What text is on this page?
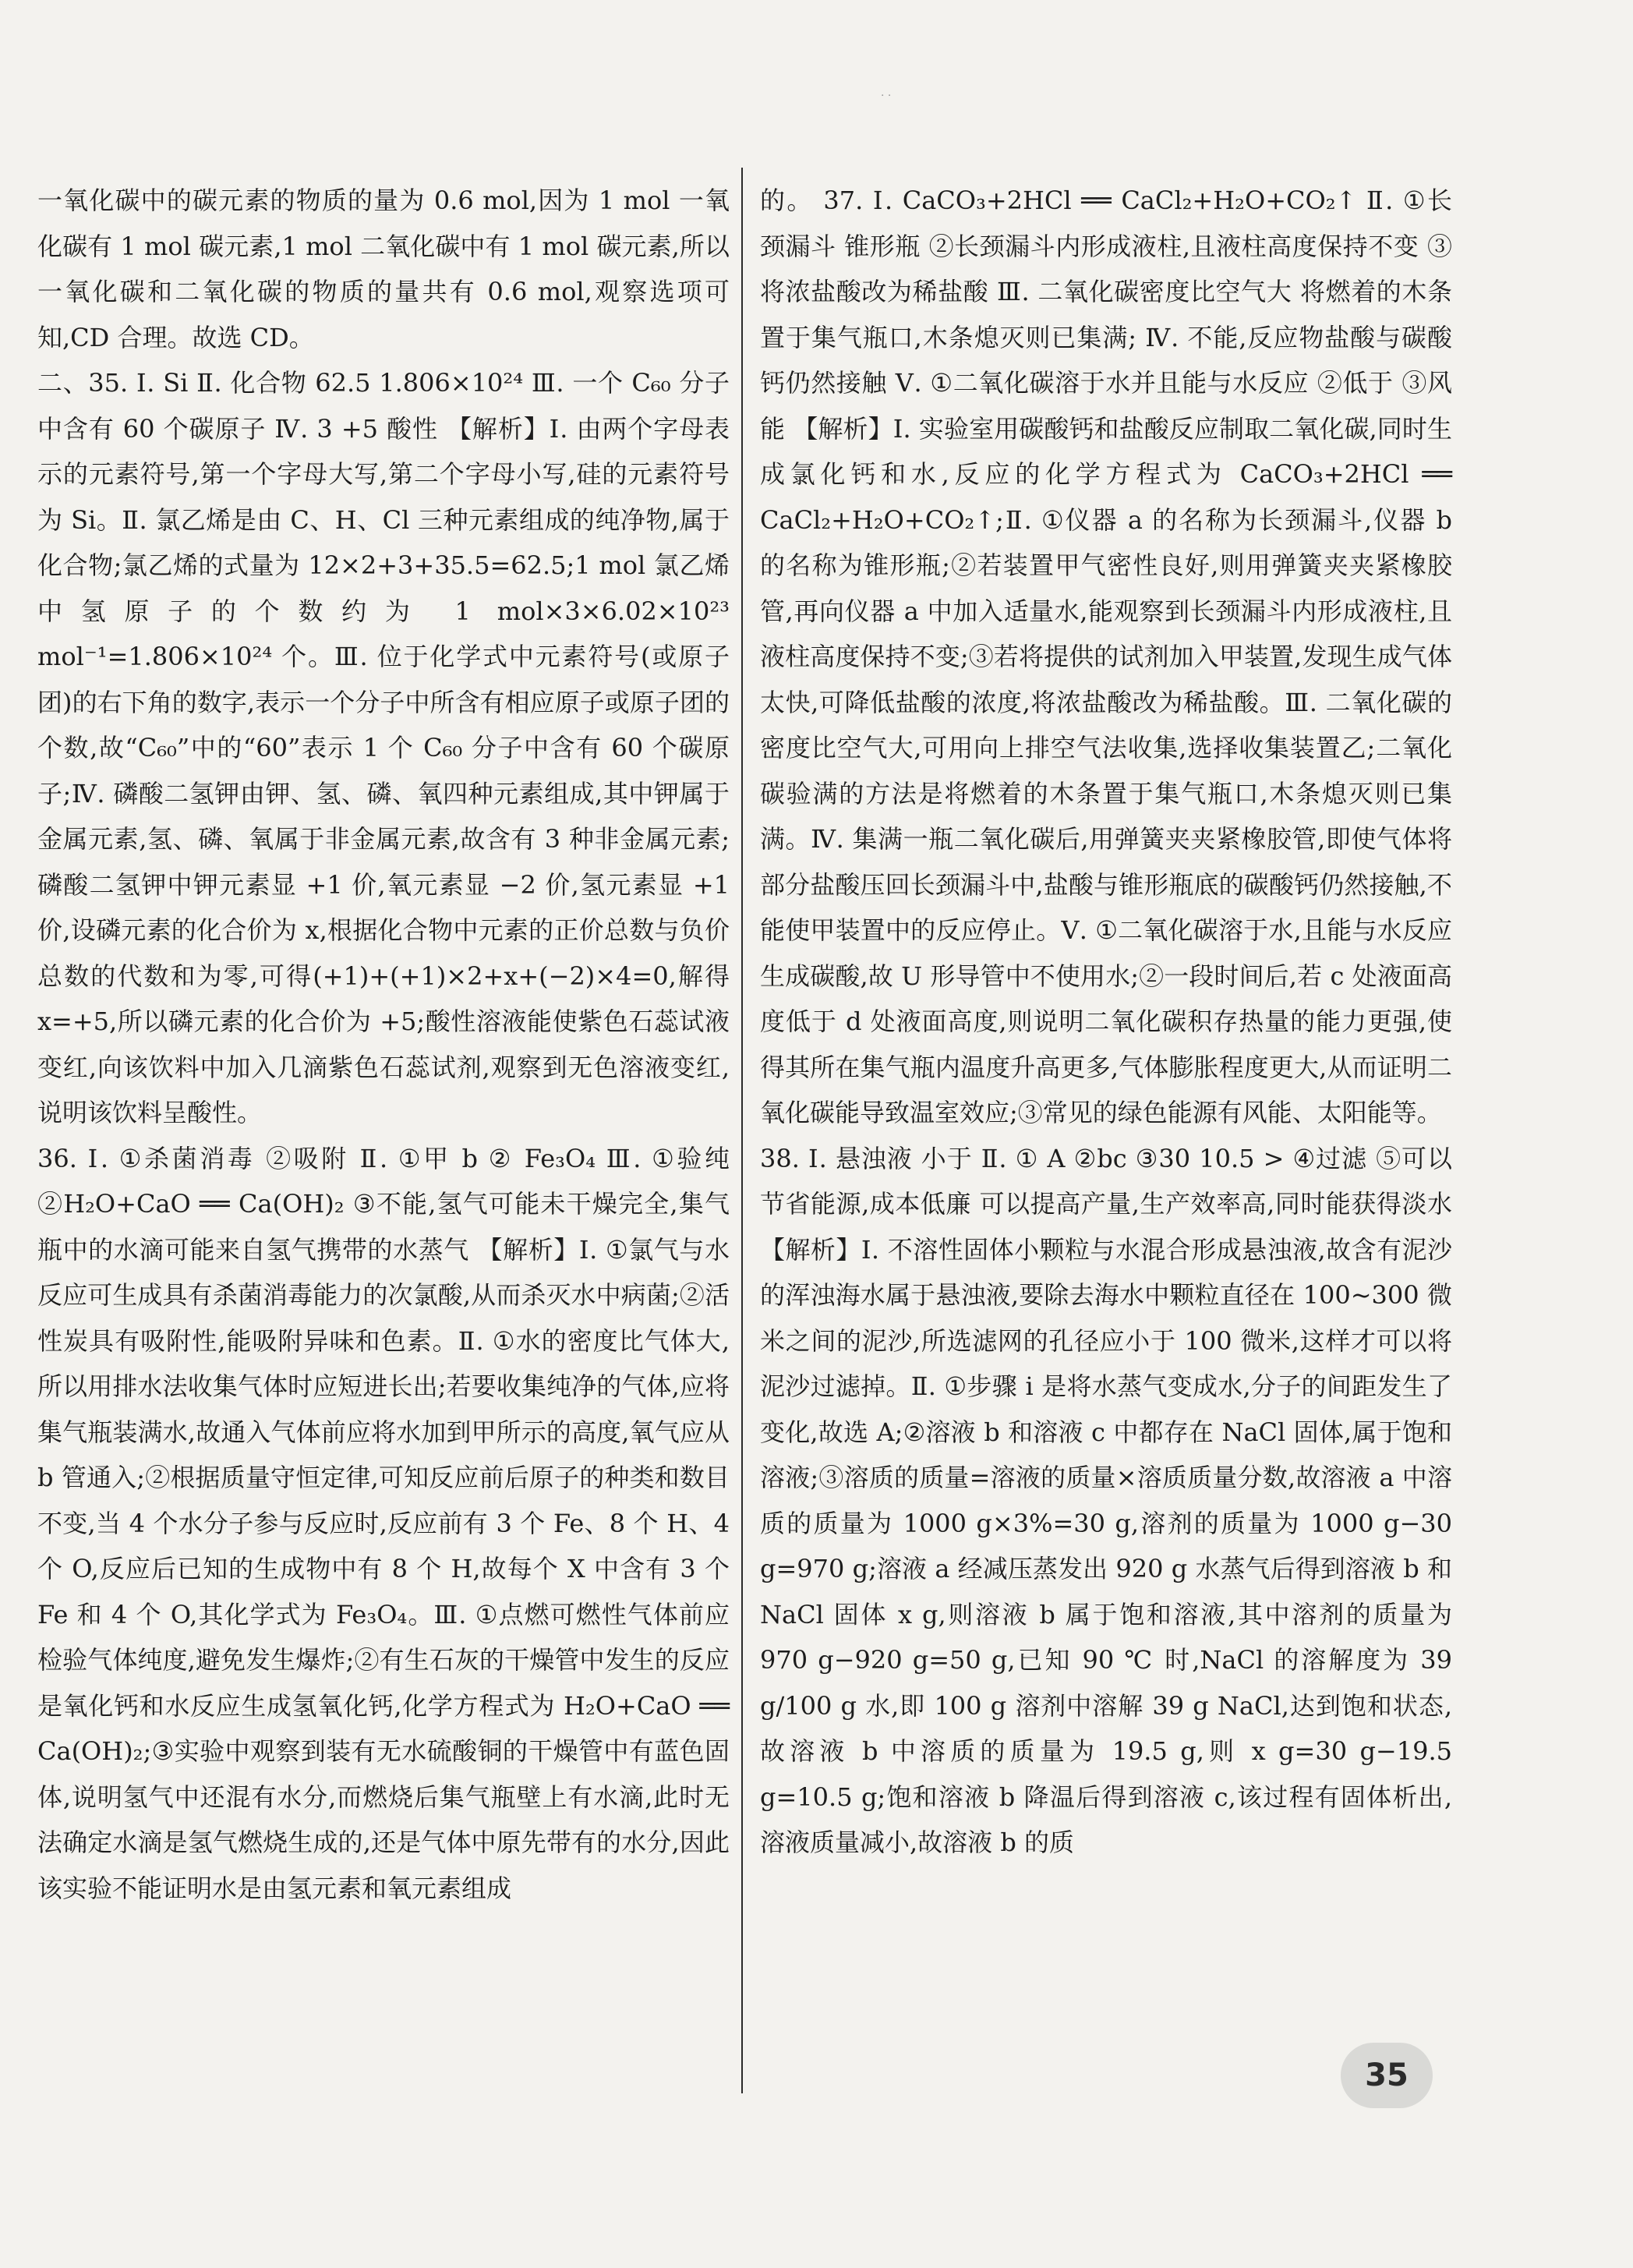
· ·

一氧化碳中的碳元素的物质的量为 0.6 mol,因为 1 mol 一氧化碳有 1 mol 碳元素,1 mol 二氧化碳中有 1 mol 碳元素,所以一氧化碳和二氧化碳的物质的量共有 0.6 mol,观察选项可知,CD 合理。故选 CD。

二、35. Ⅰ. Si Ⅱ. 化合物 62.5 1.806×10²⁴ Ⅲ. 一个 C₆₀ 分子中含有 60 个碳原子 Ⅳ. 3 +5 酸性 【解析】Ⅰ. 由两个字母表示的元素符号,第一个字母大写,第二个字母小写,硅的元素符号为 Si。Ⅱ. 氯乙烯是由 C、H、Cl 三种元素组成的纯净物,属于化合物;氯乙烯的式量为 12×2+3+35.5=62.5;1 mol 氯乙烯中氢原子的个数约为 1 mol×3×6.02×10²³ mol⁻¹=1.806×10²⁴ 个。Ⅲ. 位于化学式中元素符号(或原子团)的右下角的数字,表示一个分子中所含有相应原子或原子团的个数,故“C₆₀”中的“60”表示 1 个 C₆₀ 分子中含有 60 个碳原子;Ⅳ. 磷酸二氢钾由钾、氢、磷、氧四种元素组成,其中钾属于金属元素,氢、磷、氧属于非金属元素,故含有 3 种非金属元素;磷酸二氢钾中钾元素显 +1 价,氧元素显 −2 价,氢元素显 +1 价,设磷元素的化合价为 x,根据化合物中元素的正价总数与负价总数的代数和为零,可得(+1)+(+1)×2+x+(−2)×4=0,解得 x=+5,所以磷元素的化合价为 +5;酸性溶液能使紫色石蕊试液变红,向该饮料中加入几滴紫色石蕊试剂,观察到无色溶液变红,说明该饮料呈酸性。

36. Ⅰ. ①杀菌消毒 ②吸附 Ⅱ. ①甲 b ② Fe₃O₄ Ⅲ. ①验纯 ②H₂O+CaO ══ Ca(OH)₂ ③不能,氢气可能未干燥完全,集气瓶中的水滴可能来自氢气携带的水蒸气 【解析】Ⅰ. ①氯气与水反应可生成具有杀菌消毒能力的次氯酸,从而杀灭水中病菌;②活性炭具有吸附性,能吸附异味和色素。Ⅱ. ①水的密度比气体大,所以用排水法收集气体时应短进长出;若要收集纯净的气体,应将集气瓶装满水,故通入气体前应将水加到甲所示的高度,氧气应从 b 管通入;②根据质量守恒定律,可知反应前后原子的种类和数目不变,当 4 个水分子参与反应时,反应前有 3 个 Fe、8 个 H、4 个 O,反应后已知的生成物中有 8 个 H,故每个 X 中含有 3 个 Fe 和 4 个 O,其化学式为 Fe₃O₄。Ⅲ. ①点燃可燃性气体前应检验气体纯度,避免发生爆炸;②有生石灰的干燥管中发生的反应是氧化钙和水反应生成氢氧化钙,化学方程式为 H₂O+CaO ══ Ca(OH)₂;③实验中观察到装有无水硫酸铜的干燥管中有蓝色固体,说明氢气中还混有水分,而燃烧后集气瓶壁上有水滴,此时无法确定水滴是氢气燃烧生成的,还是气体中原先带有的水分,因此该实验不能证明水是由氢元素和氧元素组成

的。 37. Ⅰ. CaCO₃+2HCl ══ CaCl₂+H₂O+CO₂↑ Ⅱ. ①长颈漏斗 锥形瓶 ②长颈漏斗内形成液柱,且液柱高度保持不变 ③将浓盐酸改为稀盐酸 Ⅲ. 二氧化碳密度比空气大 将燃着的木条置于集气瓶口,木条熄灭则已集满; Ⅳ. 不能,反应物盐酸与碳酸钙仍然接触 Ⅴ. ①二氧化碳溶于水并且能与水反应 ②低于 ③风能 【解析】Ⅰ. 实验室用碳酸钙和盐酸反应制取二氧化碳,同时生成氯化钙和水,反应的化学方程式为 CaCO₃+2HCl ══ CaCl₂+H₂O+CO₂↑;Ⅱ. ①仪器 a 的名称为长颈漏斗,仪器 b 的名称为锥形瓶;②若装置甲气密性良好,则用弹簧夹夹紧橡胶管,再向仪器 a 中加入适量水,能观察到长颈漏斗内形成液柱,且液柱高度保持不变;③若将提供的试剂加入甲装置,发现生成气体太快,可降低盐酸的浓度,将浓盐酸改为稀盐酸。Ⅲ. 二氧化碳的密度比空气大,可用向上排空气法收集,选择收集装置乙;二氧化碳验满的方法是将燃着的木条置于集气瓶口,木条熄灭则已集满。Ⅳ. 集满一瓶二氧化碳后,用弹簧夹夹紧橡胶管,即使气体将部分盐酸压回长颈漏斗中,盐酸与锥形瓶底的碳酸钙仍然接触,不能使甲装置中的反应停止。Ⅴ. ①二氧化碳溶于水,且能与水反应生成碳酸,故 U 形导管中不使用水;②一段时间后,若 c 处液面高度低于 d 处液面高度,则说明二氧化碳积存热量的能力更强,使得其所在集气瓶内温度升高更多,气体膨胀程度更大,从而证明二氧化碳能导致温室效应;③常见的绿色能源有风能、太阳能等。

38. Ⅰ. 悬浊液 小于 Ⅱ. ① A ②bc ③30 10.5 > ④过滤 ⑤可以节省能源,成本低廉 可以提高产量,生产效率高,同时能获得淡水 【解析】Ⅰ. 不溶性固体小颗粒与水混合形成悬浊液,故含有泥沙的浑浊海水属于悬浊液,要除去海水中颗粒直径在 100~300 微米之间的泥沙,所选滤网的孔径应小于 100 微米,这样才可以将泥沙过滤掉。Ⅱ. ①步骤 i 是将水蒸气变成水,分子的间距发生了变化,故选 A;②溶液 b 和溶液 c 中都存在 NaCl 固体,属于饱和溶液;③溶质的质量=溶液的质量×溶质质量分数,故溶液 a 中溶质的质量为 1000 g×3%=30 g,溶剂的质量为 1000 g−30 g=970 g;溶液 a 经减压蒸发出 920 g 水蒸气后得到溶液 b 和 NaCl 固体 x g,则溶液 b 属于饱和溶液,其中溶剂的质量为 970 g−920 g=50 g,已知 90 ℃ 时,NaCl 的溶解度为 39 g/100 g 水,即 100 g 溶剂中溶解 39 g NaCl,达到饱和状态,故溶液 b 中溶质的质量为 19.5 g,则 x g=30 g−19.5 g=10.5 g;饱和溶液 b 降温后得到溶液 c,该过程有固体析出,溶液质量减小,故溶液 b 的质

35
